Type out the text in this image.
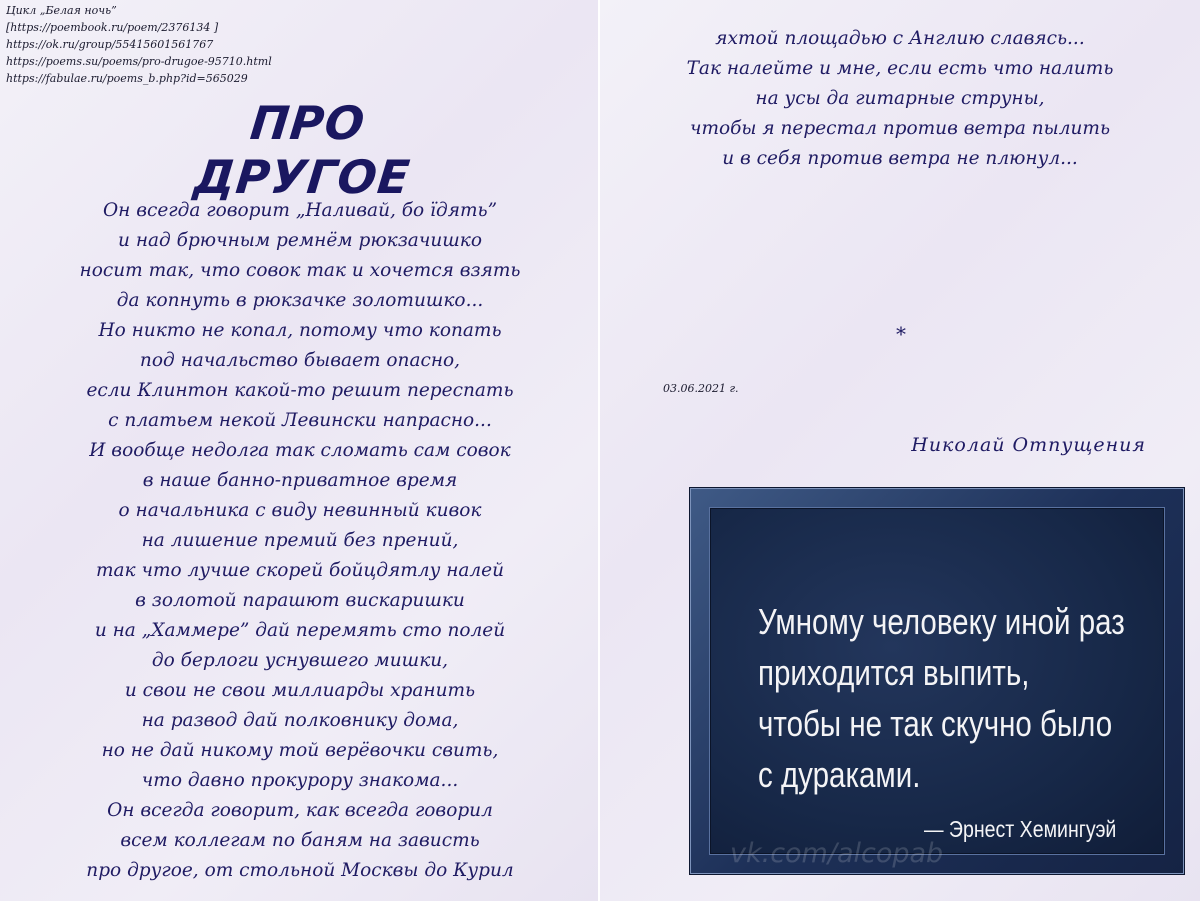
Цикл „Белая ночь”
[https://poembook.ru/poem/2376134 ]
https://ok.ru/group/55415601561767
https://poems.su/poems/pro-drugoe-95710.html
https://fabulae.ru/poems_b.php?id=565029
ПРО ДРУГОЕ
Он всегда говорит „Наливай, бо їдять”
и над брючным ремнём рюкзачишко
носит так, что совок так и хочется взять
да копнуть в рюкзачке золотишко...
Но никто не копал, потому что копать
под начальство бывает опасно,
если Клинтон какой-то решит переспать
с платьем некой Левински напрасно...
И вообще недолга так сломать сам совок
в наше банно-приватное время
о начальника с виду невинный кивок
на лишение премий без прений,
так что лучше скорей бойцдятлу налей
в золотой парашют вискаришки
и на „Хаммере” дай перемять сто полей
до берлоги уснувшего мишки,
и свои не свои миллиарды хранить
на развод дай полковнику дома,
но не дай никому той верёвочки свить,
что давно прокурору знакома...
Он всегда говорит, как всегда говорил
всем коллегам по баням на зависть
про другое, от стольной Москвы до Курил
яхтой площадью с Англию славясь...
Так налейте и мне, если есть что налить
на усы да гитарные струны,
чтобы я перестал против ветра пылить
и в себя против ветра не плюнул...
*
03.06.2021 г.
Николай Отпущения
Умному человеку иной раз
приходится выпить,
чтобы не так скучно было
с дураками.
— Эрнест Хемингуэй
vk.com/alcopab
